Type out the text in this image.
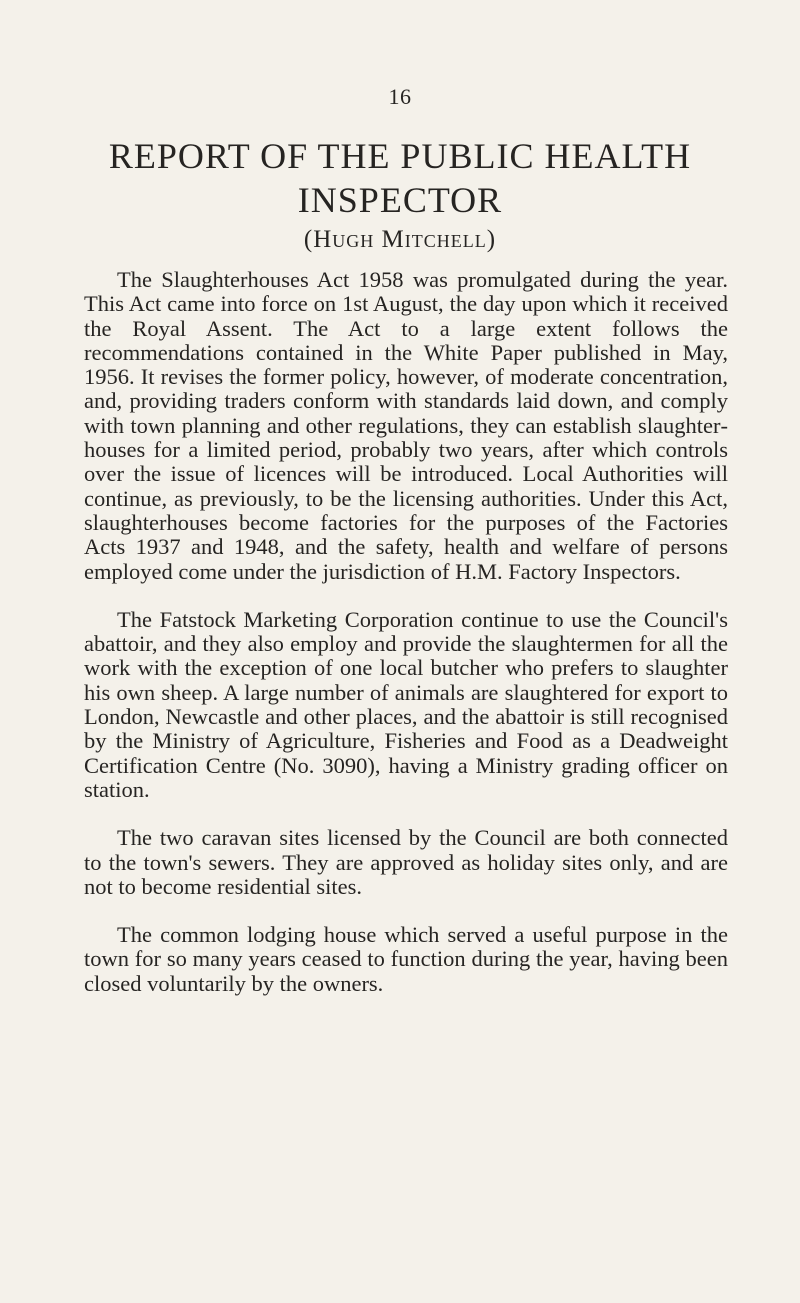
16
REPORT OF THE PUBLIC HEALTH INSPECTOR
(Hugh Mitchell)

The Slaughterhouses Act 1958 was promulgated during the year. This Act came into force on 1st August, the day upon which it received the Royal Assent. The Act to a large extent follows the recommendations contained in the White Paper published in May, 1956. It revises the former policy, however, of moderate concentration, and, providing traders conform with standards laid down, and comply with town planning and other regulations, they can establish slaughterhouses for a limited period, probably two years, after which controls over the issue of licences will be introduced. Local Authorities will continue, as previously, to be the licensing authorities. Under this Act, slaughterhouses become factories for the purposes of the Factories Acts 1937 and 1948, and the safety, health and welfare of persons employed come under the jurisdiction of H.M. Factory Inspectors.

The Fatstock Marketing Corporation continue to use the Council's abattoir, and they also employ and provide the slaughtermen for all the work with the exception of one local butcher who prefers to slaughter his own sheep. A large number of animals are slaughtered for export to London, Newcastle and other places, and the abattoir is still recognised by the Ministry of Agriculture, Fisheries and Food as a Deadweight Certification Centre (No. 3090), having a Ministry grading officer on station.

The two caravan sites licensed by the Council are both connected to the town's sewers. They are approved as holiday sites only, and are not to become residential sites.

The common lodging house which served a useful purpose in the town for so many years ceased to function during the year, having been closed voluntarily by the owners.
